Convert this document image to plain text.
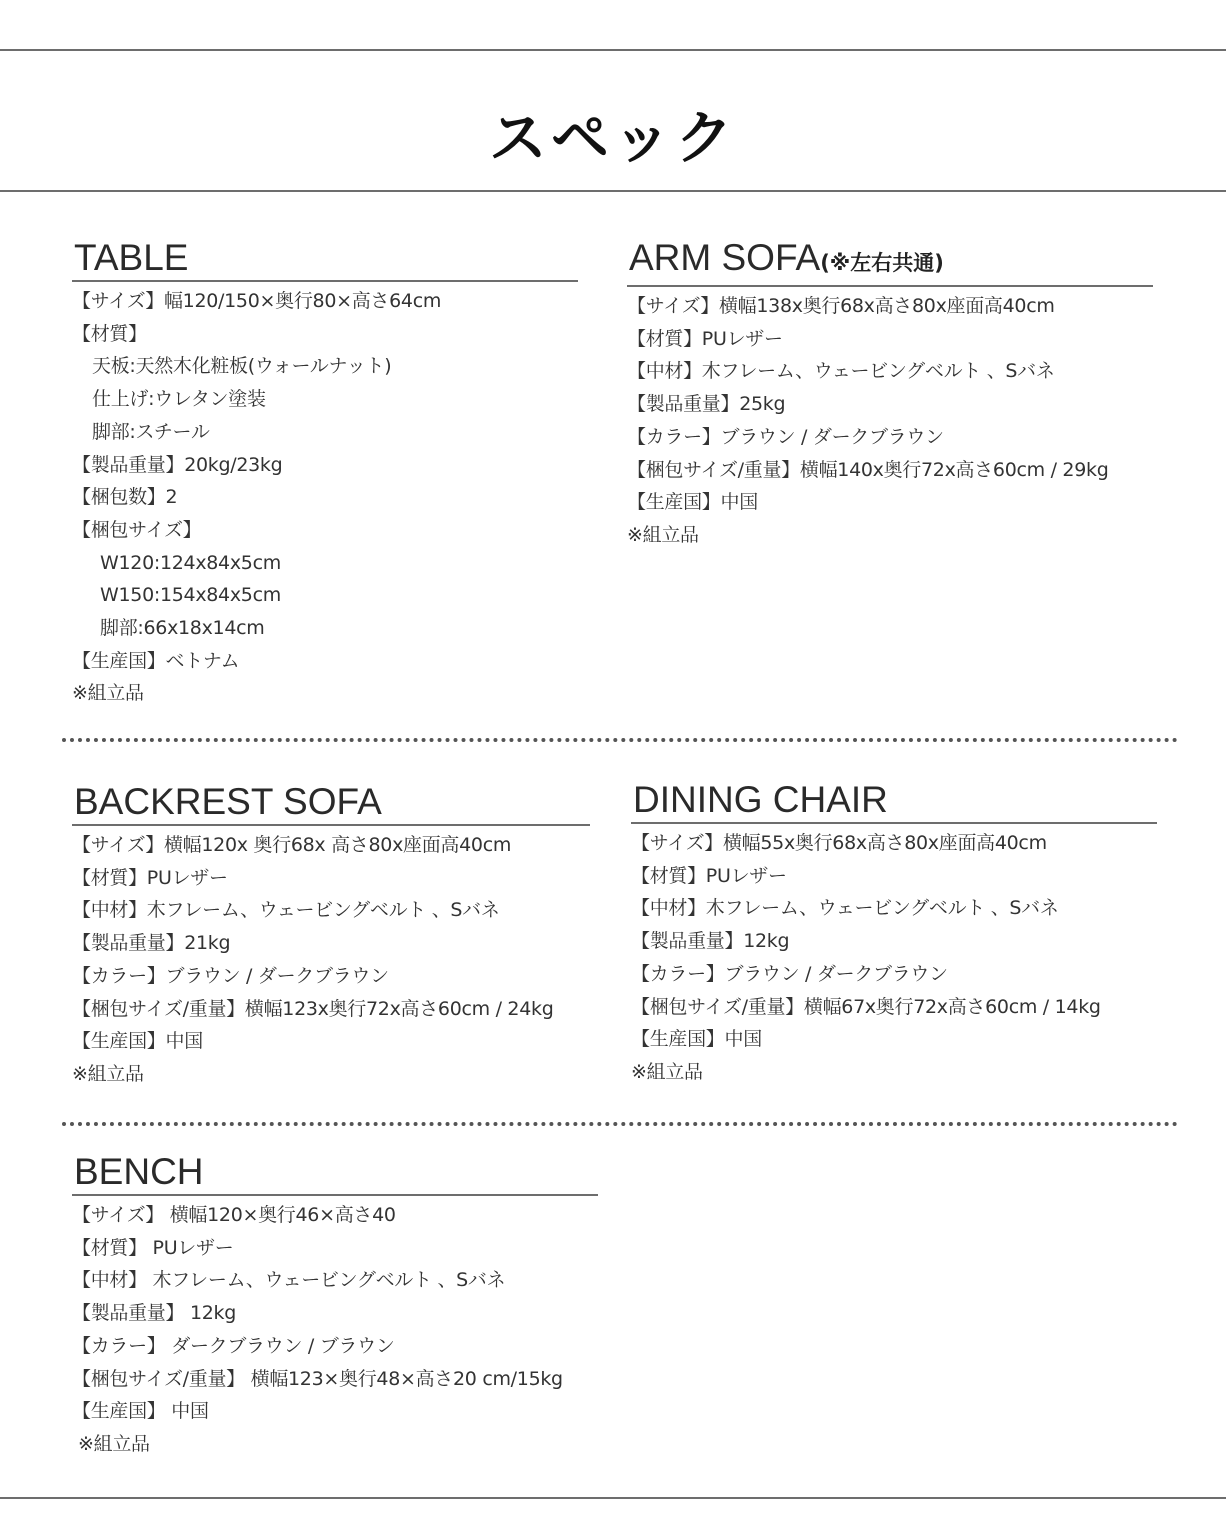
スペック
TABLE
【サイズ】幅120/150×奥行80×高さ64cm
【材質】
天板:天然木化粧板(ウォールナット)
仕上げ:ウレタン塗装
脚部:スチール
【製品重量】20kg/23kg
【梱包数】2
【梱包サイズ】
W120:124x84x5cm
W150:154x84x5cm
脚部:66x18x14cm
【生産国】ベトナム
※組立品
ARM SOFA(※左右共通)
【サイズ】横幅138x奥行68x高さ80x座面高40cm
【材質】PUレザー
【中材】木フレーム、ウェービングベルト 、Sバネ
【製品重量】25kg
【カラー】ブラウン / ダークブラウン
【梱包サイズ/重量】横幅140x奥行72x高さ60cm / 29kg
【生産国】中国
※組立品
BACKREST SOFA
【サイズ】横幅120x 奥行68x 高さ80x座面高40cm
【材質】PUレザー
【中材】木フレーム、ウェービングベルト 、Sバネ
【製品重量】21kg
【カラー】ブラウン / ダークブラウン
【梱包サイズ/重量】横幅123x奥行72x高さ60cm / 24kg
【生産国】中国
※組立品
DINING CHAIR
【サイズ】横幅55x奥行68x高さ80x座面高40cm
【材質】PUレザー
【中材】木フレーム、ウェービングベルト 、Sバネ
【製品重量】12kg
【カラー】ブラウン / ダークブラウン
【梱包サイズ/重量】横幅67x奥行72x高さ60cm / 14kg
【生産国】中国
※組立品
BENCH
【サイズ】 横幅120×奥行46×高さ40
【材質】 PUレザー
【中材】 木フレーム、ウェービングベルト 、Sバネ
【製品重量】 12kg
【カラー】 ダークブラウン / ブラウン
【梱包サイズ/重量】 横幅123×奥行48×高さ20 cm/15kg
【生産国】 中国
※組立品
